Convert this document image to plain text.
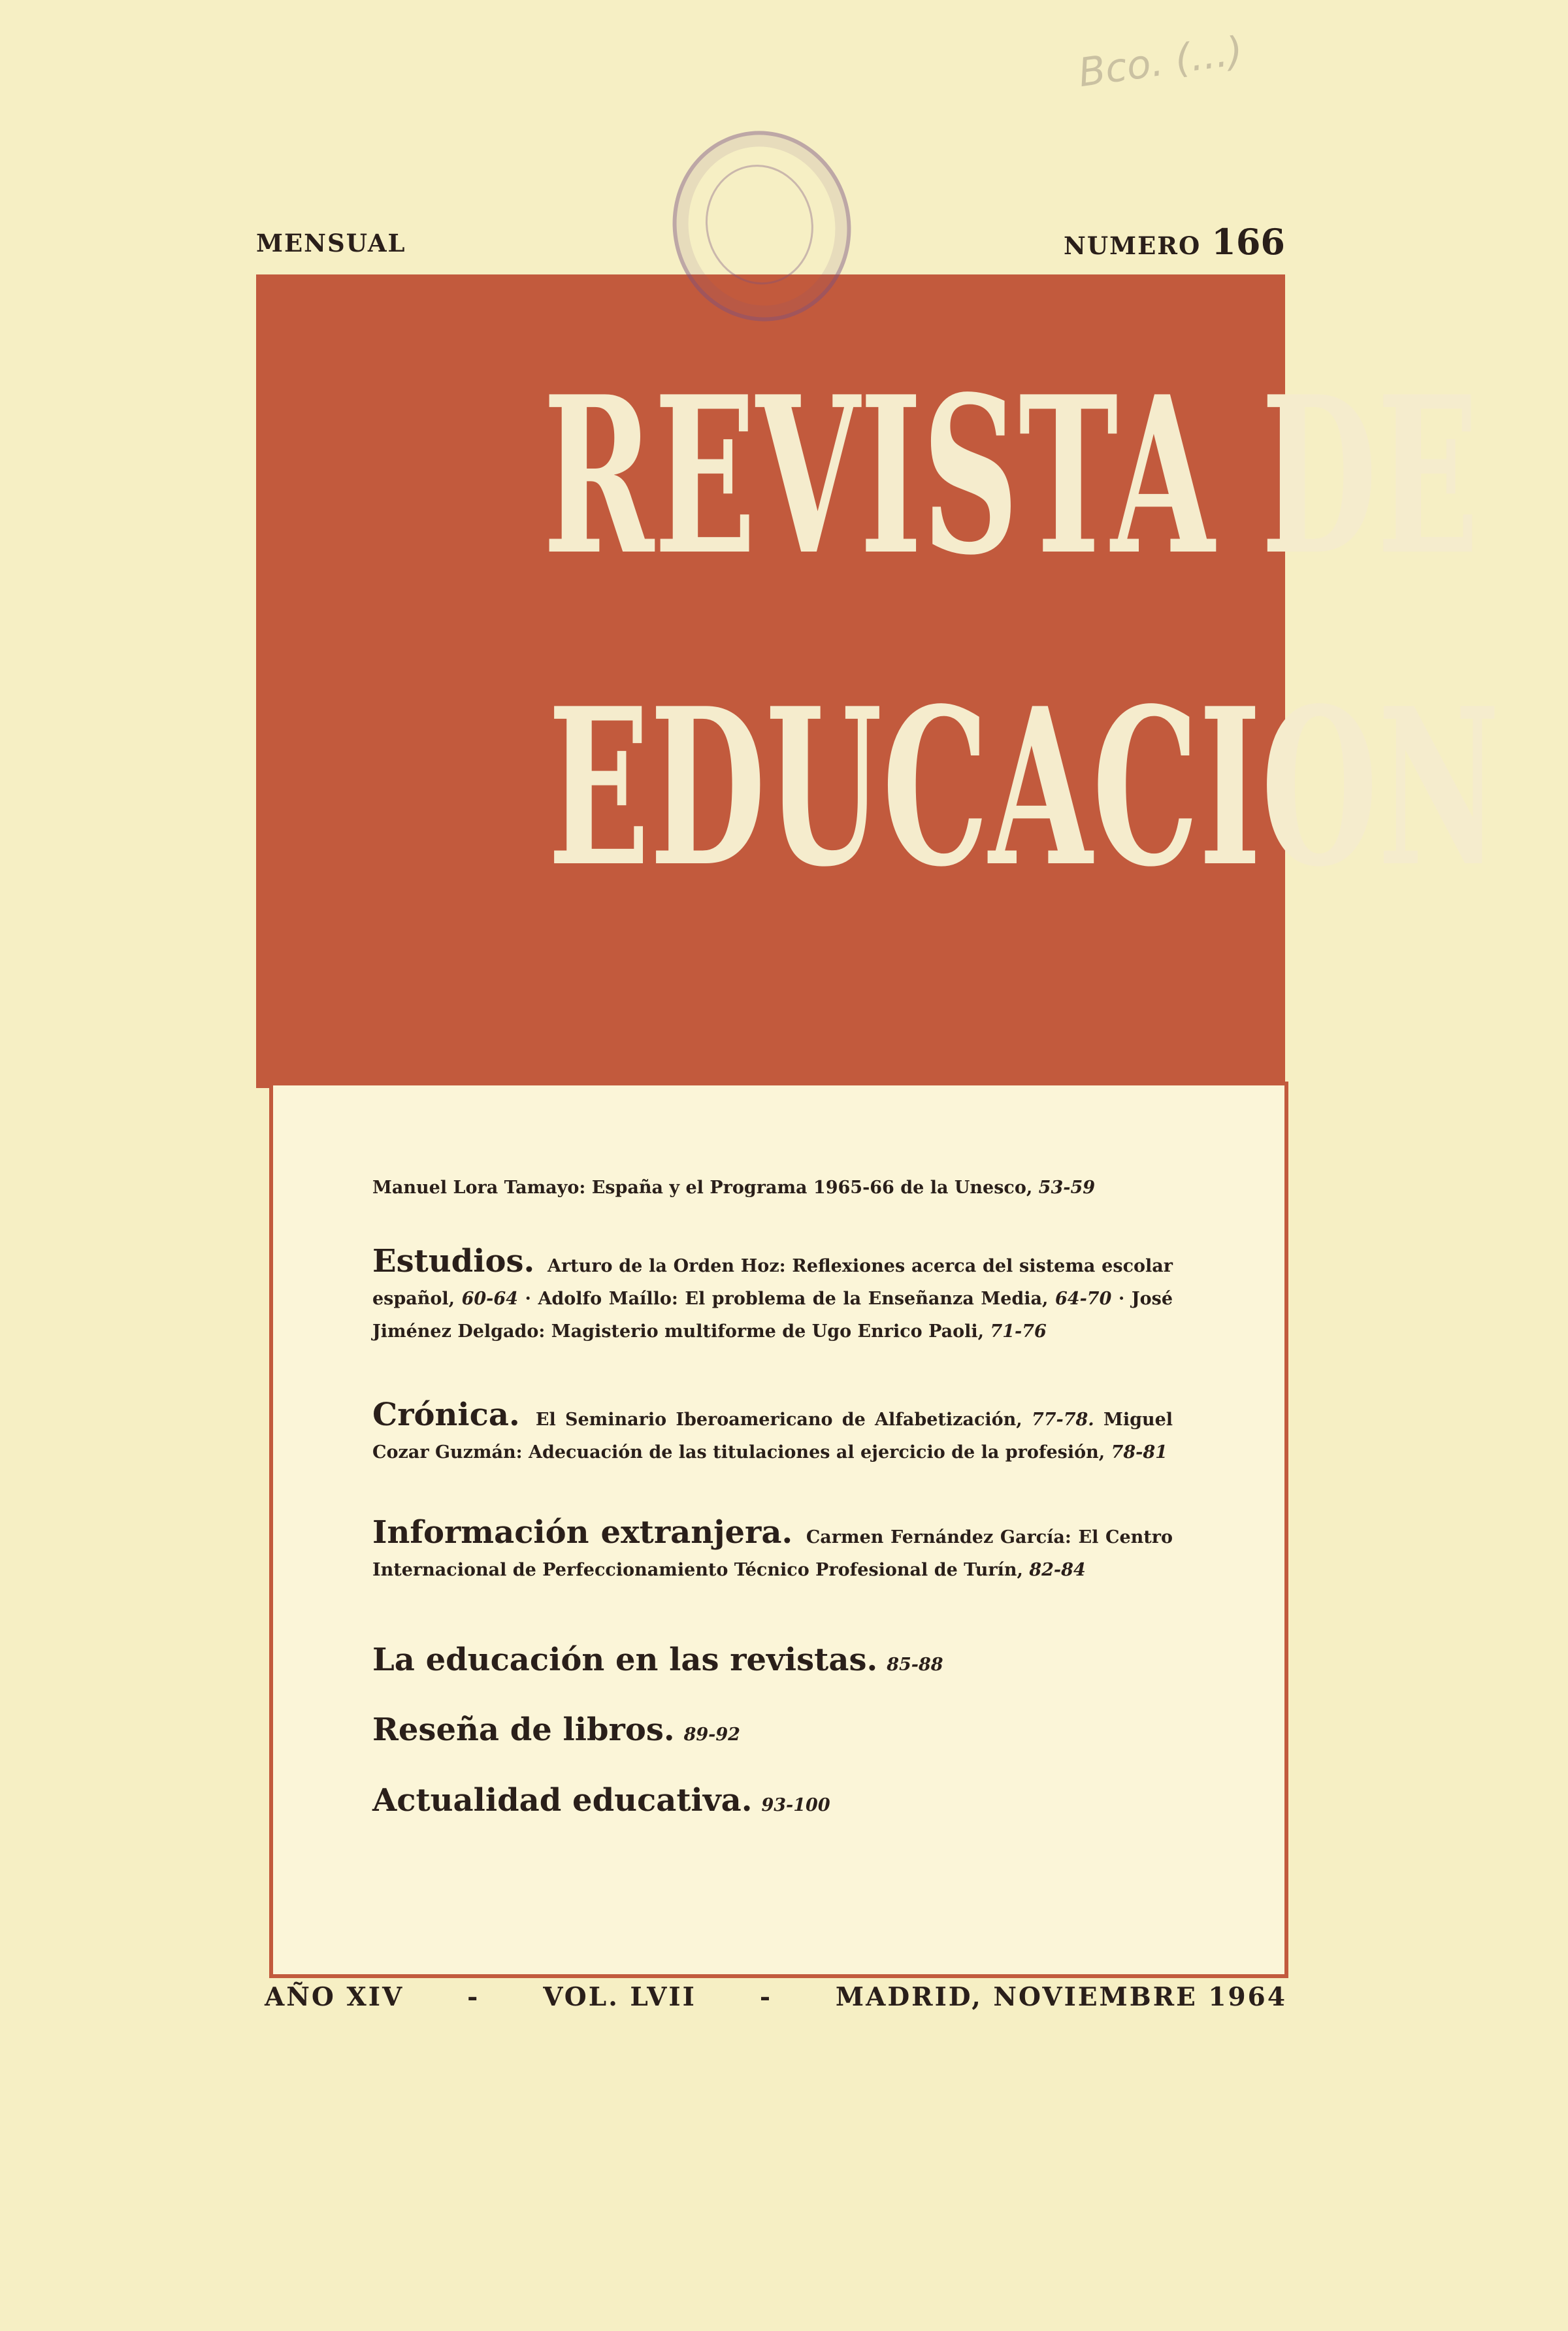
Bco. (...)
MENSUAL	NUMERO 166
REVISTA DE
EDUCACION
Manuel Lora Tamayo: España y el Programa 1965-66 de la Unesco, 53-59
Estudios. Arturo de la Orden Hoz: Reflexiones acerca del sistema escolar español, 60-64 · Adolfo Maíllo: El problema de la Enseñanza Media, 64-70 · José Jiménez Delgado: Magisterio multiforme de Ugo Enrico Paoli, 71-76
Crónica. El Seminario Iberoamericano de Alfabetización, 77-78. Miguel Cozar Guzmán: Adecuación de las titulaciones al ejercicio de la profesión, 78-81
Información extranjera. Carmen Fernández García: El Centro Internacional de Perfeccionamiento Técnico Profesional de Turín, 82-84
La educación en las revistas. 85-88
Reseña de libros. 89-92
Actualidad educativa. 93-100
AÑO XIV - VOL. LVII - MADRID, NOVIEMBRE 1964
